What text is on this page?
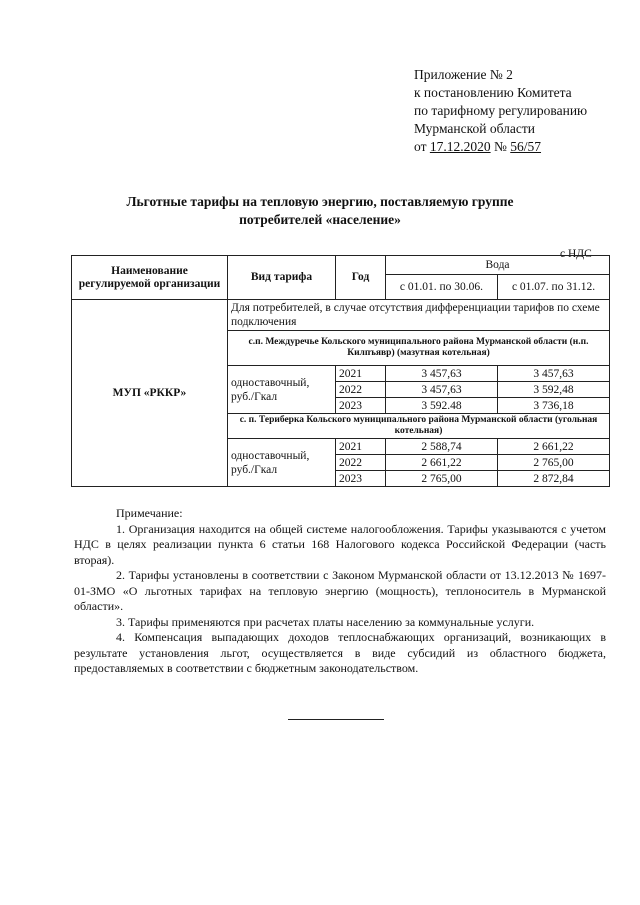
Приложение № 2
к постановлению Комитета
по тарифному регулированию
Мурманской области
от 17.12.2020 № 56/57
Льготные тарифы на тепловую энергию, поставляемую группе потребителей «население»
с НДС
Наименование регулируемой организации	Вид тарифа	Год	Вода	
			с 01.01. по 30.06.	с 01.07. по 31.12.
МУП «РККР»	Для потребителей, в случае отсутствия дифференциации тарифов по схеме подключения			
	с.п. Междуречье Кольского муниципального района Мурманской области (н.п. Килпъявр) (мазутная котельная)			
	одноставочный, руб./Гкал	2021	3 457,63	3 457,63
		2022	3 457,63	3 592,48
		2023	3 592.48	3 736,18
	с. п. Териберка Кольского муниципального района Мурманской области (угольная котельная)			
	одноставочный, руб./Гкал	2021	2 588,74	2 661,22
		2022	2 661,22	2 765,00
		2023	2 765,00	2 872,84

Примечание:

1. Организация находится на общей системе налогообложения. Тарифы указываются с учетом НДС в целях реализации пункта 6 статьи 168 Налогового кодекса Российской Федерации (часть вторая).

2. Тарифы установлены в соответствии с Законом Мурманской области от 13.12.2013 № 1697-01-ЗМО «О льготных тарифах на тепловую энергию (мощность), теплоноситель в Мурманской области».

3. Тарифы применяются при расчетах платы населению за коммунальные услуги.

4. Компенсация выпадающих доходов теплоснабжающих организаций, возникающих в результате установления льгот, осуществляется в виде субсидий из областного бюджета, предоставляемых в соответствии с бюджетным законодательством.
